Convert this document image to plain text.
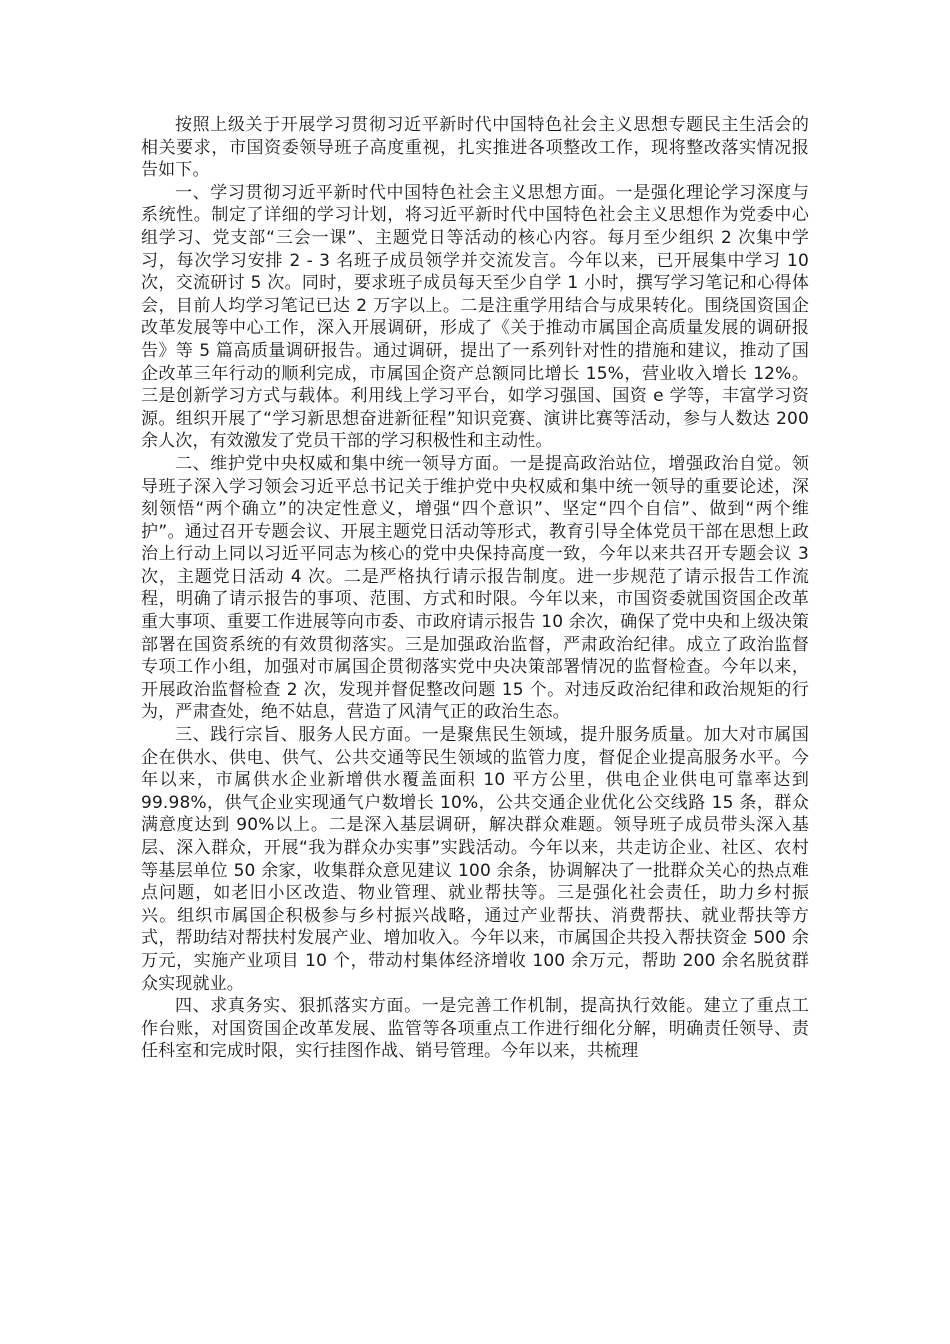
按照上级关于开展学习贯彻习近平新时代中国特色社会主义思想专题民主生活会的相关要求，市国资委领导班子高度重视，扎实推进各项整改工作，现将整改落实情况报告如下。

一、学习贯彻习近平新时代中国特色社会主义思想方面。一是强化理论学习深度与系统性。制定了详细的学习计划，将习近平新时代中国特色社会主义思想作为党委中心组学习、党支部“三会一课”、主题党日等活动的核心内容。每月至少组织 2 次集中学习，每次学习安排 2 - 3 名班子成员领学并交流发言。今年以来，已开展集中学习 10 次，交流研讨 5 次。同时，要求班子成员每天至少自学 1 小时，撰写学习笔记和心得体会，目前人均学习笔记已达 2 万字以上。二是注重学用结合与成果转化。围绕国资国企改革发展等中心工作，深入开展调研，形成了《关于推动市属国企高质量发展的调研报告》等 5 篇高质量调研报告。通过调研，提出了一系列针对性的措施和建议，推动了国企改革三年行动的顺利完成，市属国企资产总额同比增长 15%，营业收入增长 12%。三是创新学习方式与载体。利用线上学习平台，如学习强国、国资 e 学等，丰富学习资源。组织开展了“学习新思想奋进新征程”知识竞赛、演讲比赛等活动，参与人数达 200 余人次，有效激发了党员干部的学习积极性和主动性。

二、维护党中央权威和集中统一领导方面。一是提高政治站位，增强政治自觉。领导班子深入学习领会习近平总书记关于维护党中央权威和集中统一领导的重要论述，深刻领悟“两个确立”的决定性意义，增强“四个意识”、坚定“四个自信”、做到“两个维护”。通过召开专题会议、开展主题党日活动等形式，教育引导全体党员干部在思想上政治上行动上同以习近平同志为核心的党中央保持高度一致，今年以来共召开专题会议 3 次，主题党日活动 4 次。二是严格执行请示报告制度。进一步规范了请示报告工作流程，明确了请示报告的事项、范围、方式和时限。今年以来，市国资委就国资国企改革重大事项、重要工作进展等向市委、市政府请示报告 10 余次，确保了党中央和上级决策部署在国资系统的有效贯彻落实。三是加强政治监督，严肃政治纪律。成立了政治监督专项工作小组，加强对市属国企贯彻落实党中央决策部署情况的监督检查。今年以来，开展政治监督检查 2 次，发现并督促整改问题 15 个。对违反政治纪律和政治规矩的行为，严肃查处，绝不姑息，营造了风清气正的政治生态。

三、践行宗旨、服务人民方面。一是聚焦民生领域，提升服务质量。加大对市属国企在供水、供电、供气、公共交通等民生领域的监管力度，督促企业提高服务水平。今年以来，市属供水企业新增供水覆盖面积 10 平方公里，供电企业供电可靠率达到 99.98%，供气企业实现通气户数增长 10%，公共交通企业优化公交线路 15 条，群众满意度达到 90%以上。二是深入基层调研，解决群众难题。领导班子成员带头深入基层、深入群众，开展“我为群众办实事”实践活动。今年以来，共走访企业、社区、农村等基层单位 50 余家，收集群众意见建议 100 余条，协调解决了一批群众关心的热点难点问题，如老旧小区改造、物业管理、就业帮扶等。三是强化社会责任，助力乡村振兴。组织市属国企积极参与乡村振兴战略，通过产业帮扶、消费帮扶、就业帮扶等方式，帮助结对帮扶村发展产业、增加收入。今年以来，市属国企共投入帮扶资金 500 余万元，实施产业项目 10 个，带动村集体经济增收 100 余万元，帮助 200 余名脱贫群众实现就业。

四、求真务实、狠抓落实方面。一是完善工作机制，提高执行效能。建立了重点工作台账，对国资国企改革发展、监管等各项重点工作进行细化分解，明确责任领导、责任科室和完成时限，实行挂图作战、销号管理。今年以来，共梳理
